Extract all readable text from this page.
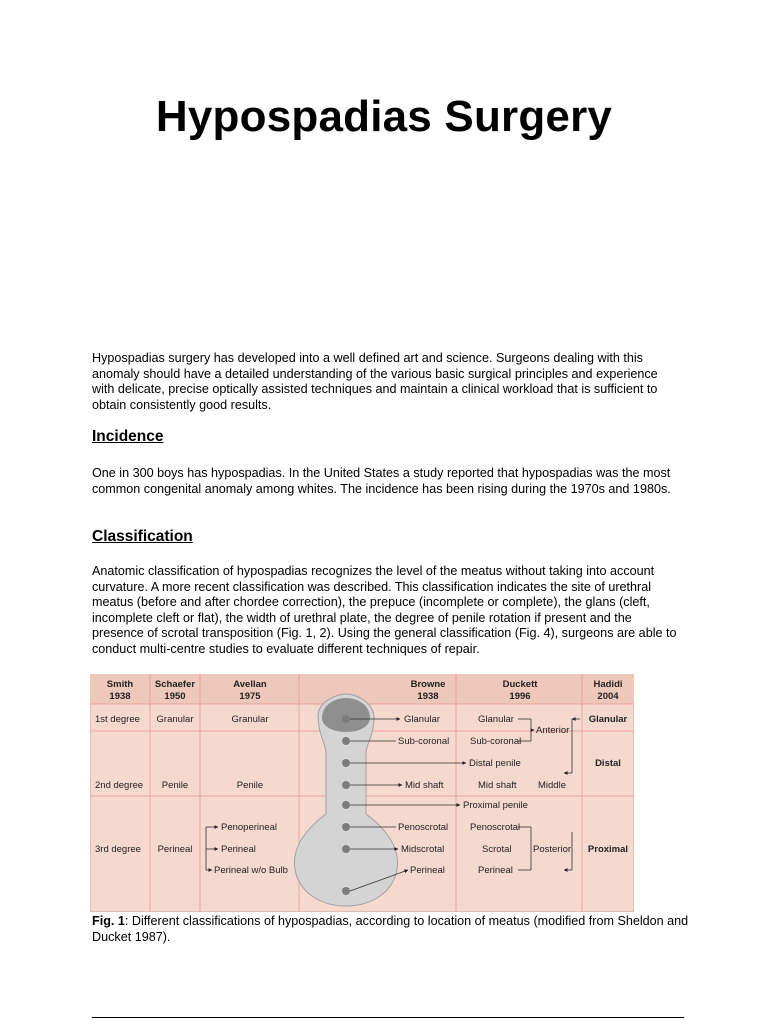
Hypospadias Surgery
Hypospadias surgery has developed into a well defined art and science. Surgeons dealing with this anomaly should have a detailed understanding of the various basic surgical principles and experience with delicate, precise optically assisted techniques and maintain a clinical workload that is sufficient to obtain consistently good results.
Incidence
One in 300 boys has hypospadias. In the United States a study reported that hypospadias was the most common congenital anomaly among whites. The incidence has been rising during the 1970s and 1980s.
Classification
Anatomic classification of hypospadias recognizes the level of the meatus without taking into account curvature. A more recent classification was described. This classification indicates the site of urethral meatus (before and after chordee correction), the prepuce (incomplete or complete), the glans (cleft, incomplete cleft or flat), the width of urethral plate, the degree of penile rotation if present and the presence of scrotal transposition (Fig. 1, 2). Using the general classification (Fig. 4), surgeons are able to conduct multi-centre studies to evaluate different techniques of repair.
Smith
1938
Schaefer
1950
Avellan
1975
Browne
1938
Duckett
1996
Hadidi
2004
1st degree
2nd degree
3rd degree
Granular
Penile
Perineal
Granular
Penile
Penoperineal
Perineal
Perineal w/o Bulb
Glanular
Sub-coronal
Distal penile
Mid shaft
Proximal penile
Penoscrotal
Midscrotal
Perineal
Glanular
Sub-coronal
Mid shaft
Penoscrotal
Scrotal
Perineal
Anterior
Middle
Posterior
Glanular
Distal
Proximal
Fig. 1: Different classifications of hypospadias, according to location of meatus (modified from Sheldon and Ducket 1987).
